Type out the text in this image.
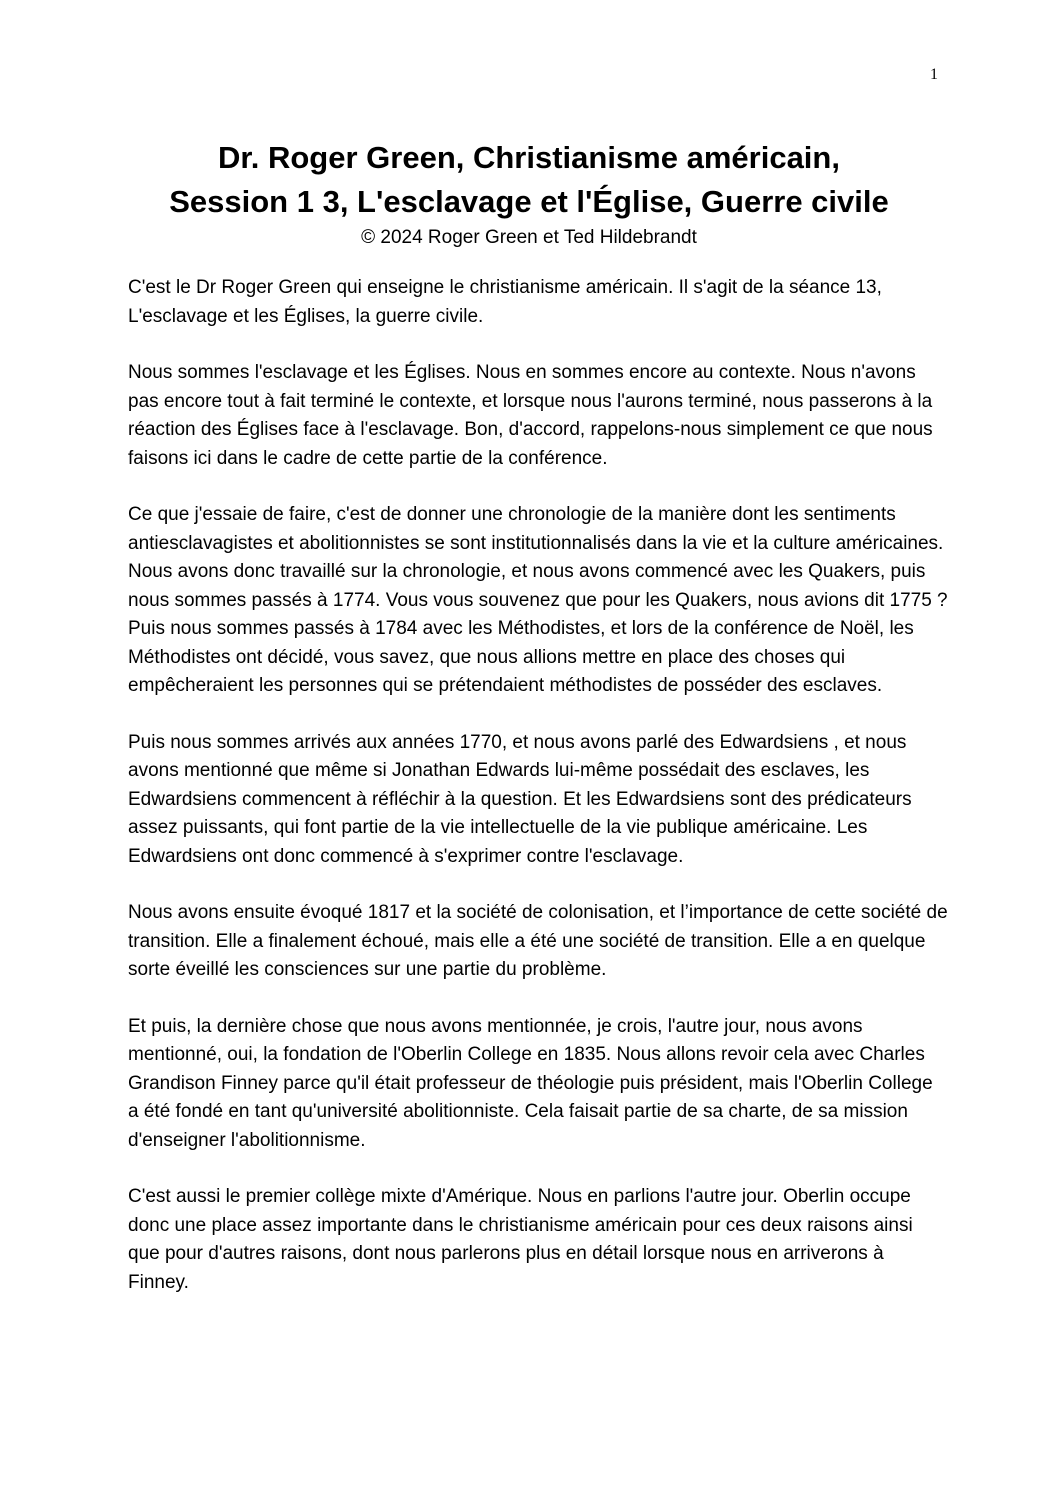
1

Dr. Roger Green, Christianisme américain,

Session 1 3, L'esclavage et l'Église, Guerre civile

© 2024 Roger Green et Ted Hildebrandt

C'est le Dr Roger Green qui enseigne le christianisme américain. Il s'agit de la séance 13, L'esclavage et les Églises, la guerre civile.

Nous sommes l'esclavage et les Églises. Nous en sommes encore au contexte. Nous n'avons pas encore tout à fait terminé le contexte, et lorsque nous l'aurons terminé, nous passerons à la réaction des Églises face à l'esclavage. Bon, d'accord, rappelons-nous simplement ce que nous faisons ici dans le cadre de cette partie de la conférence.

Ce que j'essaie de faire, c'est de donner une chronologie de la manière dont les sentiments antiesclavagistes et abolitionnistes se sont institutionnalisés dans la vie et la culture américaines. Nous avons donc travaillé sur la chronologie, et nous avons commencé avec les Quakers, puis nous sommes passés à 1774. Vous vous souvenez que pour les Quakers, nous avions dit 1775 ? Puis nous sommes passés à 1784 avec les Méthodistes, et lors de la conférence de Noël, les Méthodistes ont décidé, vous savez, que nous allions mettre en place des choses qui empêcheraient les personnes qui se prétendaient méthodistes de posséder des esclaves.

Puis nous sommes arrivés aux années 1770, et nous avons parlé des Edwardsiens , et nous avons mentionné que même si Jonathan Edwards lui-même possédait des esclaves, les Edwardsiens commencent à réfléchir à la question. Et les Edwardsiens sont des prédicateurs assez puissants, qui font partie de la vie intellectuelle de la vie publique américaine. Les Edwardsiens ont donc commencé à s'exprimer contre l'esclavage.

Nous avons ensuite évoqué 1817 et la société de colonisation, et l’importance de cette société de transition. Elle a finalement échoué, mais elle a été une société de transition. Elle a en quelque sorte éveillé les consciences sur une partie du problème.

Et puis, la dernière chose que nous avons mentionnée, je crois, l'autre jour, nous avons mentionné, oui, la fondation de l'Oberlin College en 1835. Nous allons revoir cela avec Charles Grandison Finney parce qu'il était professeur de théologie puis président, mais l'Oberlin College a été fondé en tant qu'université abolitionniste. Cela faisait partie de sa charte, de sa mission d'enseigner l'abolitionnisme.

C'est aussi le premier collège mixte d'Amérique. Nous en parlions l'autre jour. Oberlin occupe donc une place assez importante dans le christianisme américain pour ces deux raisons ainsi que pour d'autres raisons, dont nous parlerons plus en détail lorsque nous en arriverons à Finney.
